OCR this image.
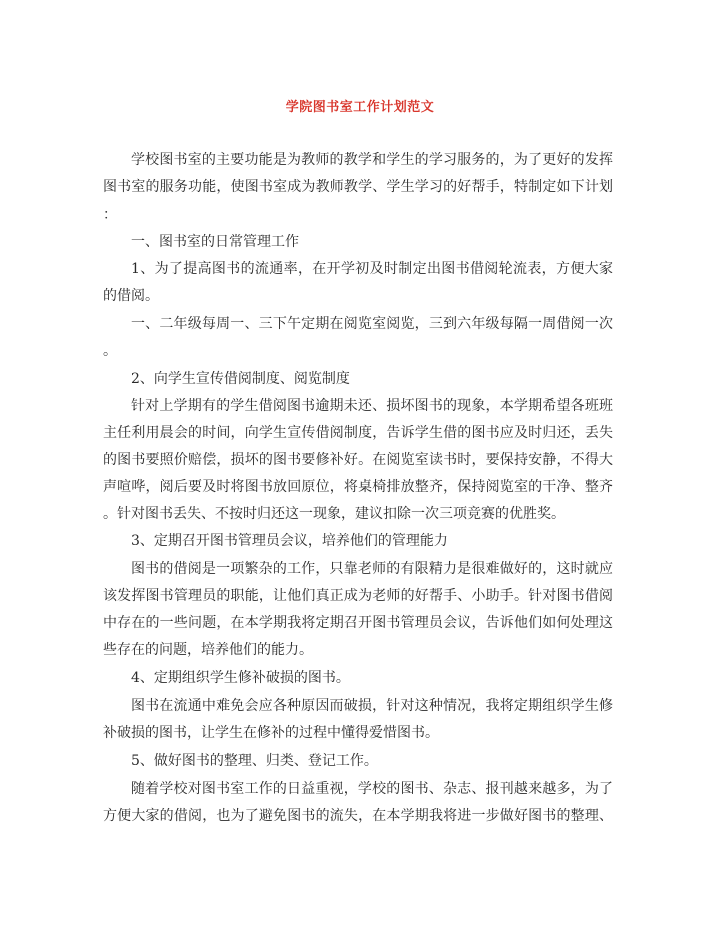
学院图书室工作计划范文
学校图书室的主要功能是为教师的教学和学生的学习服务的，为了更好的发挥
图书室的服务功能，使图书室成为教师教学、学生学习的好帮手，特制定如下计划
：
一、图书室的日常管理工作
1、为了提高图书的流通率，在开学初及时制定出图书借阅轮流表，方便大家
的借阅。
一、二年级每周一、三下午定期在阅览室阅览，三到六年级每隔一周借阅一次
。
2、向学生宣传借阅制度、阅览制度
针对上学期有的学生借阅图书逾期未还、损坏图书的现象，本学期希望各班班
主任利用晨会的时间，向学生宣传借阅制度，告诉学生借的图书应及时归还，丢失
的图书要照价赔偿，损坏的图书要修补好。在阅览室读书时，要保持安静，不得大
声喧哗，阅后要及时将图书放回原位，将桌椅排放整齐，保持阅览室的干净、整齐
。针对图书丢失、不按时归还这一现象，建议扣除一次三项竞赛的优胜奖。
3、定期召开图书管理员会议，培养他们的管理能力
图书的借阅是一项繁杂的工作，只靠老师的有限精力是很难做好的，这时就应
该发挥图书管理员的职能，让他们真正成为老师的好帮手、小助手。针对图书借阅
中存在的一些问题，在本学期我将定期召开图书管理员会议，告诉他们如何处理这
些存在的问题，培养他们的能力。
4、定期组织学生修补破损的图书。
图书在流通中难免会应各种原因而破损，针对这种情况，我将定期组织学生修
补破损的图书，让学生在修补的过程中懂得爱惜图书。
5、做好图书的整理、归类、登记工作。
随着学校对图书室工作的日益重视，学校的图书、杂志、报刊越来越多，为了
方便大家的借阅，也为了避免图书的流失，在本学期我将进一步做好图书的整理、
